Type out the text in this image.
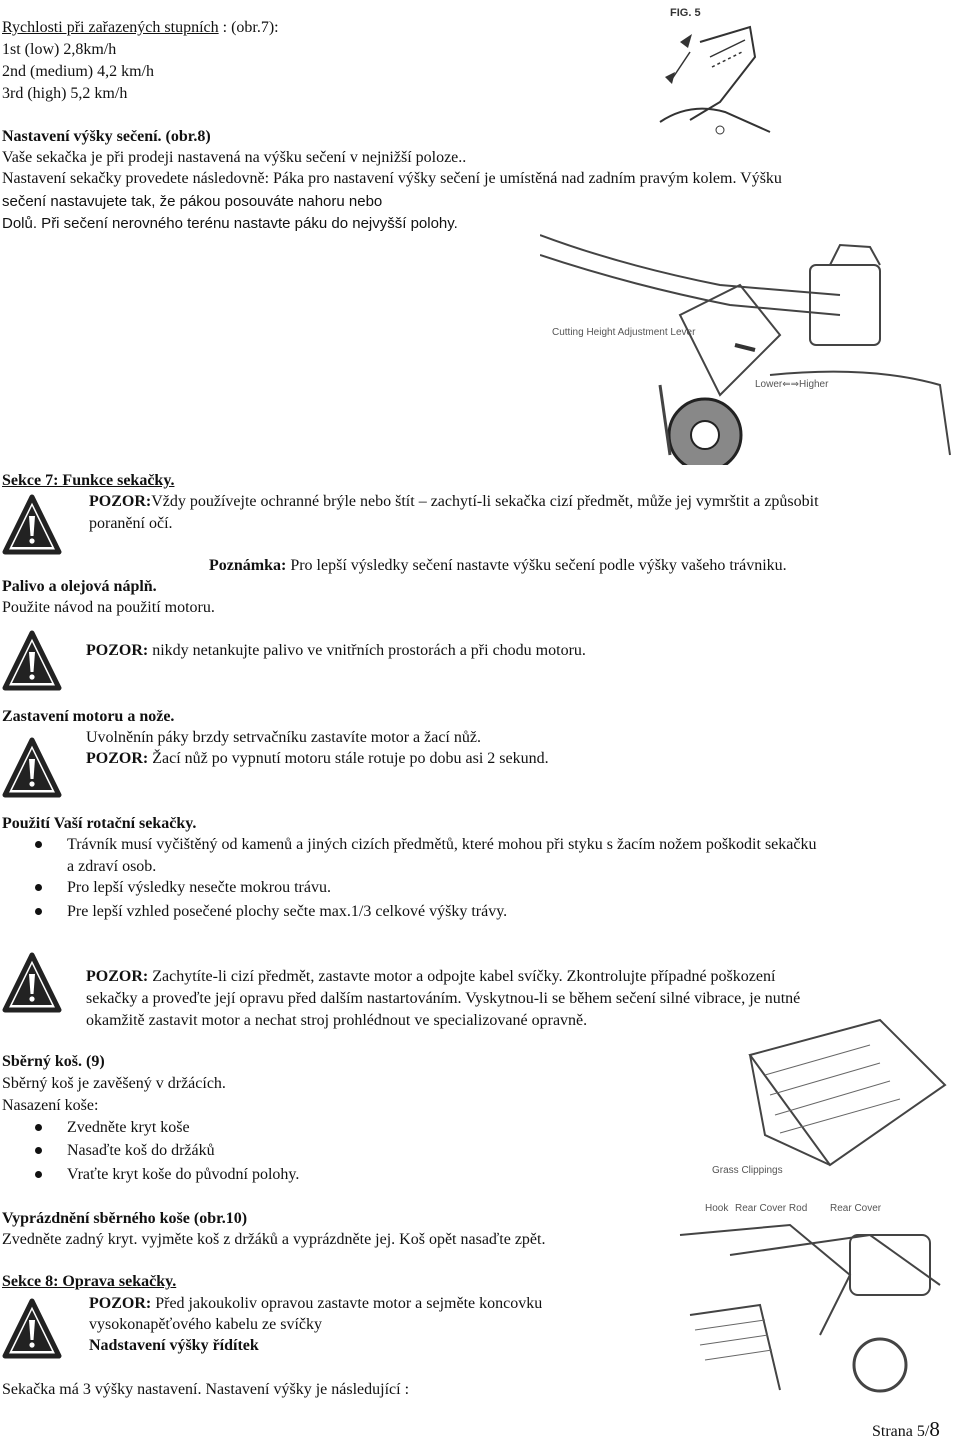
Rychlosti při zařazených stupních : (obr.7):
1st (low) 2,8km/h
2nd (medium) 4,2 km/h
3rd (high) 5,2 km/h
FIG. 5
Nastavení výšky sečení. (obr.8)
Vaše sekačka je při prodeji nastavená na výšku sečení v nejnižší poloze..
Nastavení sekačky provedete následovně: Páka pro nastavení výšky sečení je umístěná nad zadním pravým kolem. Výšku
sečení nastavujete tak, že pákou posouváte nahoru nebo
Dolů. Při sečení nerovného terénu nastavte páku do nejvyšší polohy.
Cutting Height Adjustment Lever
Lower⇐⇒Higher
Sekce 7: Funkce sekačky.
POZOR:Vždy používejte ochranné brýle nebo štít – zachytí-li sekačka cizí předmět, může jej vymrštit a způsobit
poranění očí.
Poznámka: Pro lepší výsledky sečení nastavte výšku sečení podle výšky vašeho trávniku.
Palivo a olejová náplň.
Použite návod na použití motoru.
POZOR: nikdy netankujte palivo ve vnitřních prostorách a při chodu motoru.
Zastavení motoru a nože.
Uvolněnín páky brzdy setrvačníku zastavíte motor a žací nůž.
POZOR: Žací nůž po vypnutí motoru stále rotuje po dobu asi 2 sekund.
Použití Vaší rotační sekačky.
Trávník musí vyčištěný od kamenů a jiných cizích předmětů, které mohou při styku s žacím nožem poškodit sekačku
a zdraví osob.
Pro lepší výsledky nesečte mokrou trávu.
Pre lepší vzhled posečené plochy sečte max.1/3 celkové výšky trávy.
POZOR: Zachytíte-li cizí předmět, zastavte motor a odpojte kabel svíčky. Zkontrolujte případné poškození
sekačky a proveďte její opravu před dalším nastartováním. Vyskytnou-li se během sečení silné vibrace, je nutné
okamžitě zastavit motor a nechat stroj prohlédnout ve specializované opravně.
Sběrný koš. (9)
Sběrný koš je zavěšený v držácích.
Nasazení koše:
Zvedněte kryt koše
Nasaďte koš do držáků
Vraťte kryt koše do původní polohy.	Grass Clippings
Vyprázdnění sběrného koše (obr.10)
Zvedněte zadný kryt. vyjměte koš z držáků a vyprázdněte jej. Koš opět nasaďte zpět.
Hook Rear Cover Rod Rear Cover
Sekce 8: Oprava sekačky.
POZOR: Před jakoukoliv opravou zastavte motor a sejměte koncovku
vysokonapěťového kabelu ze svíčky
Nadstavení výšky řídítek
Sekačka má 3 výšky nastavení. Nastavení výšky je následující :
Strana 5/8
